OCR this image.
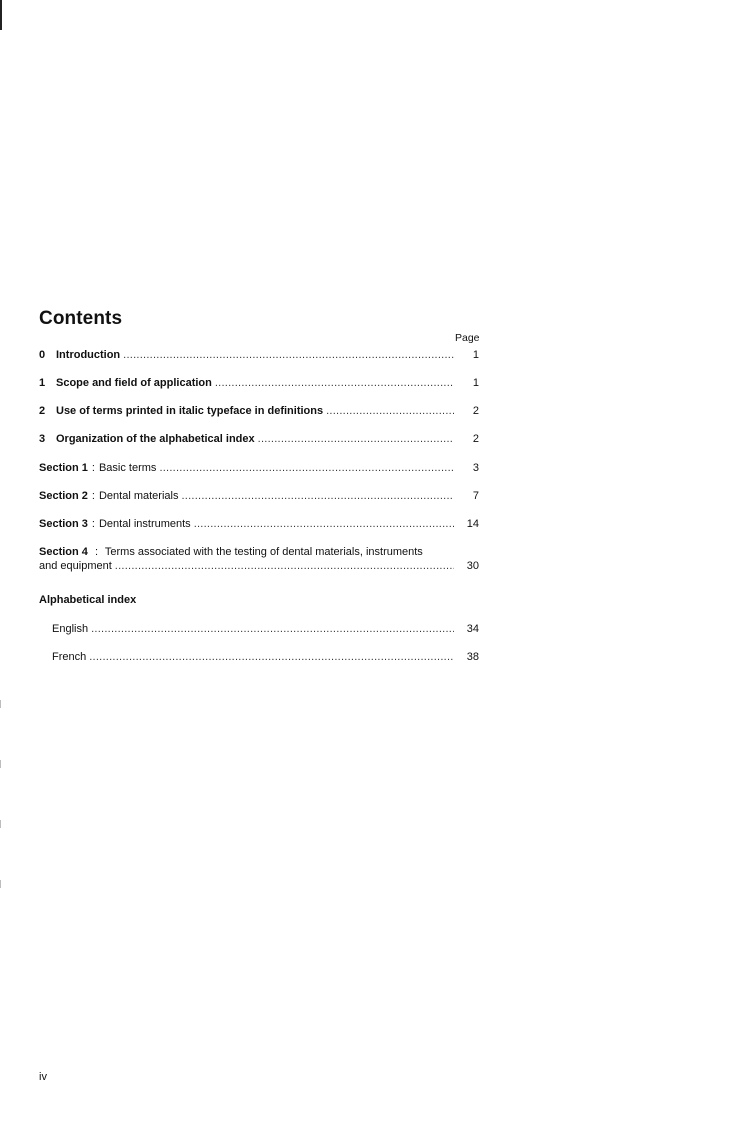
Contents
Page
0 Introduction . . .	1
1 Scope and field of application . . .	1
2 Use of terms printed in italic typeface in definitions . . .	2
3 Organization of the alphabetical index . . .	2
Section 1 : Basic terms . . .	3
Section 2 : Dental materials . . .	7
Section 3 : Dental instruments . . .	14
Section 4 : Terms associated with the testing of dental materials, instruments
and equipment . . .	30
Alphabetical index
English . . .	34
French . . .	38
iv
